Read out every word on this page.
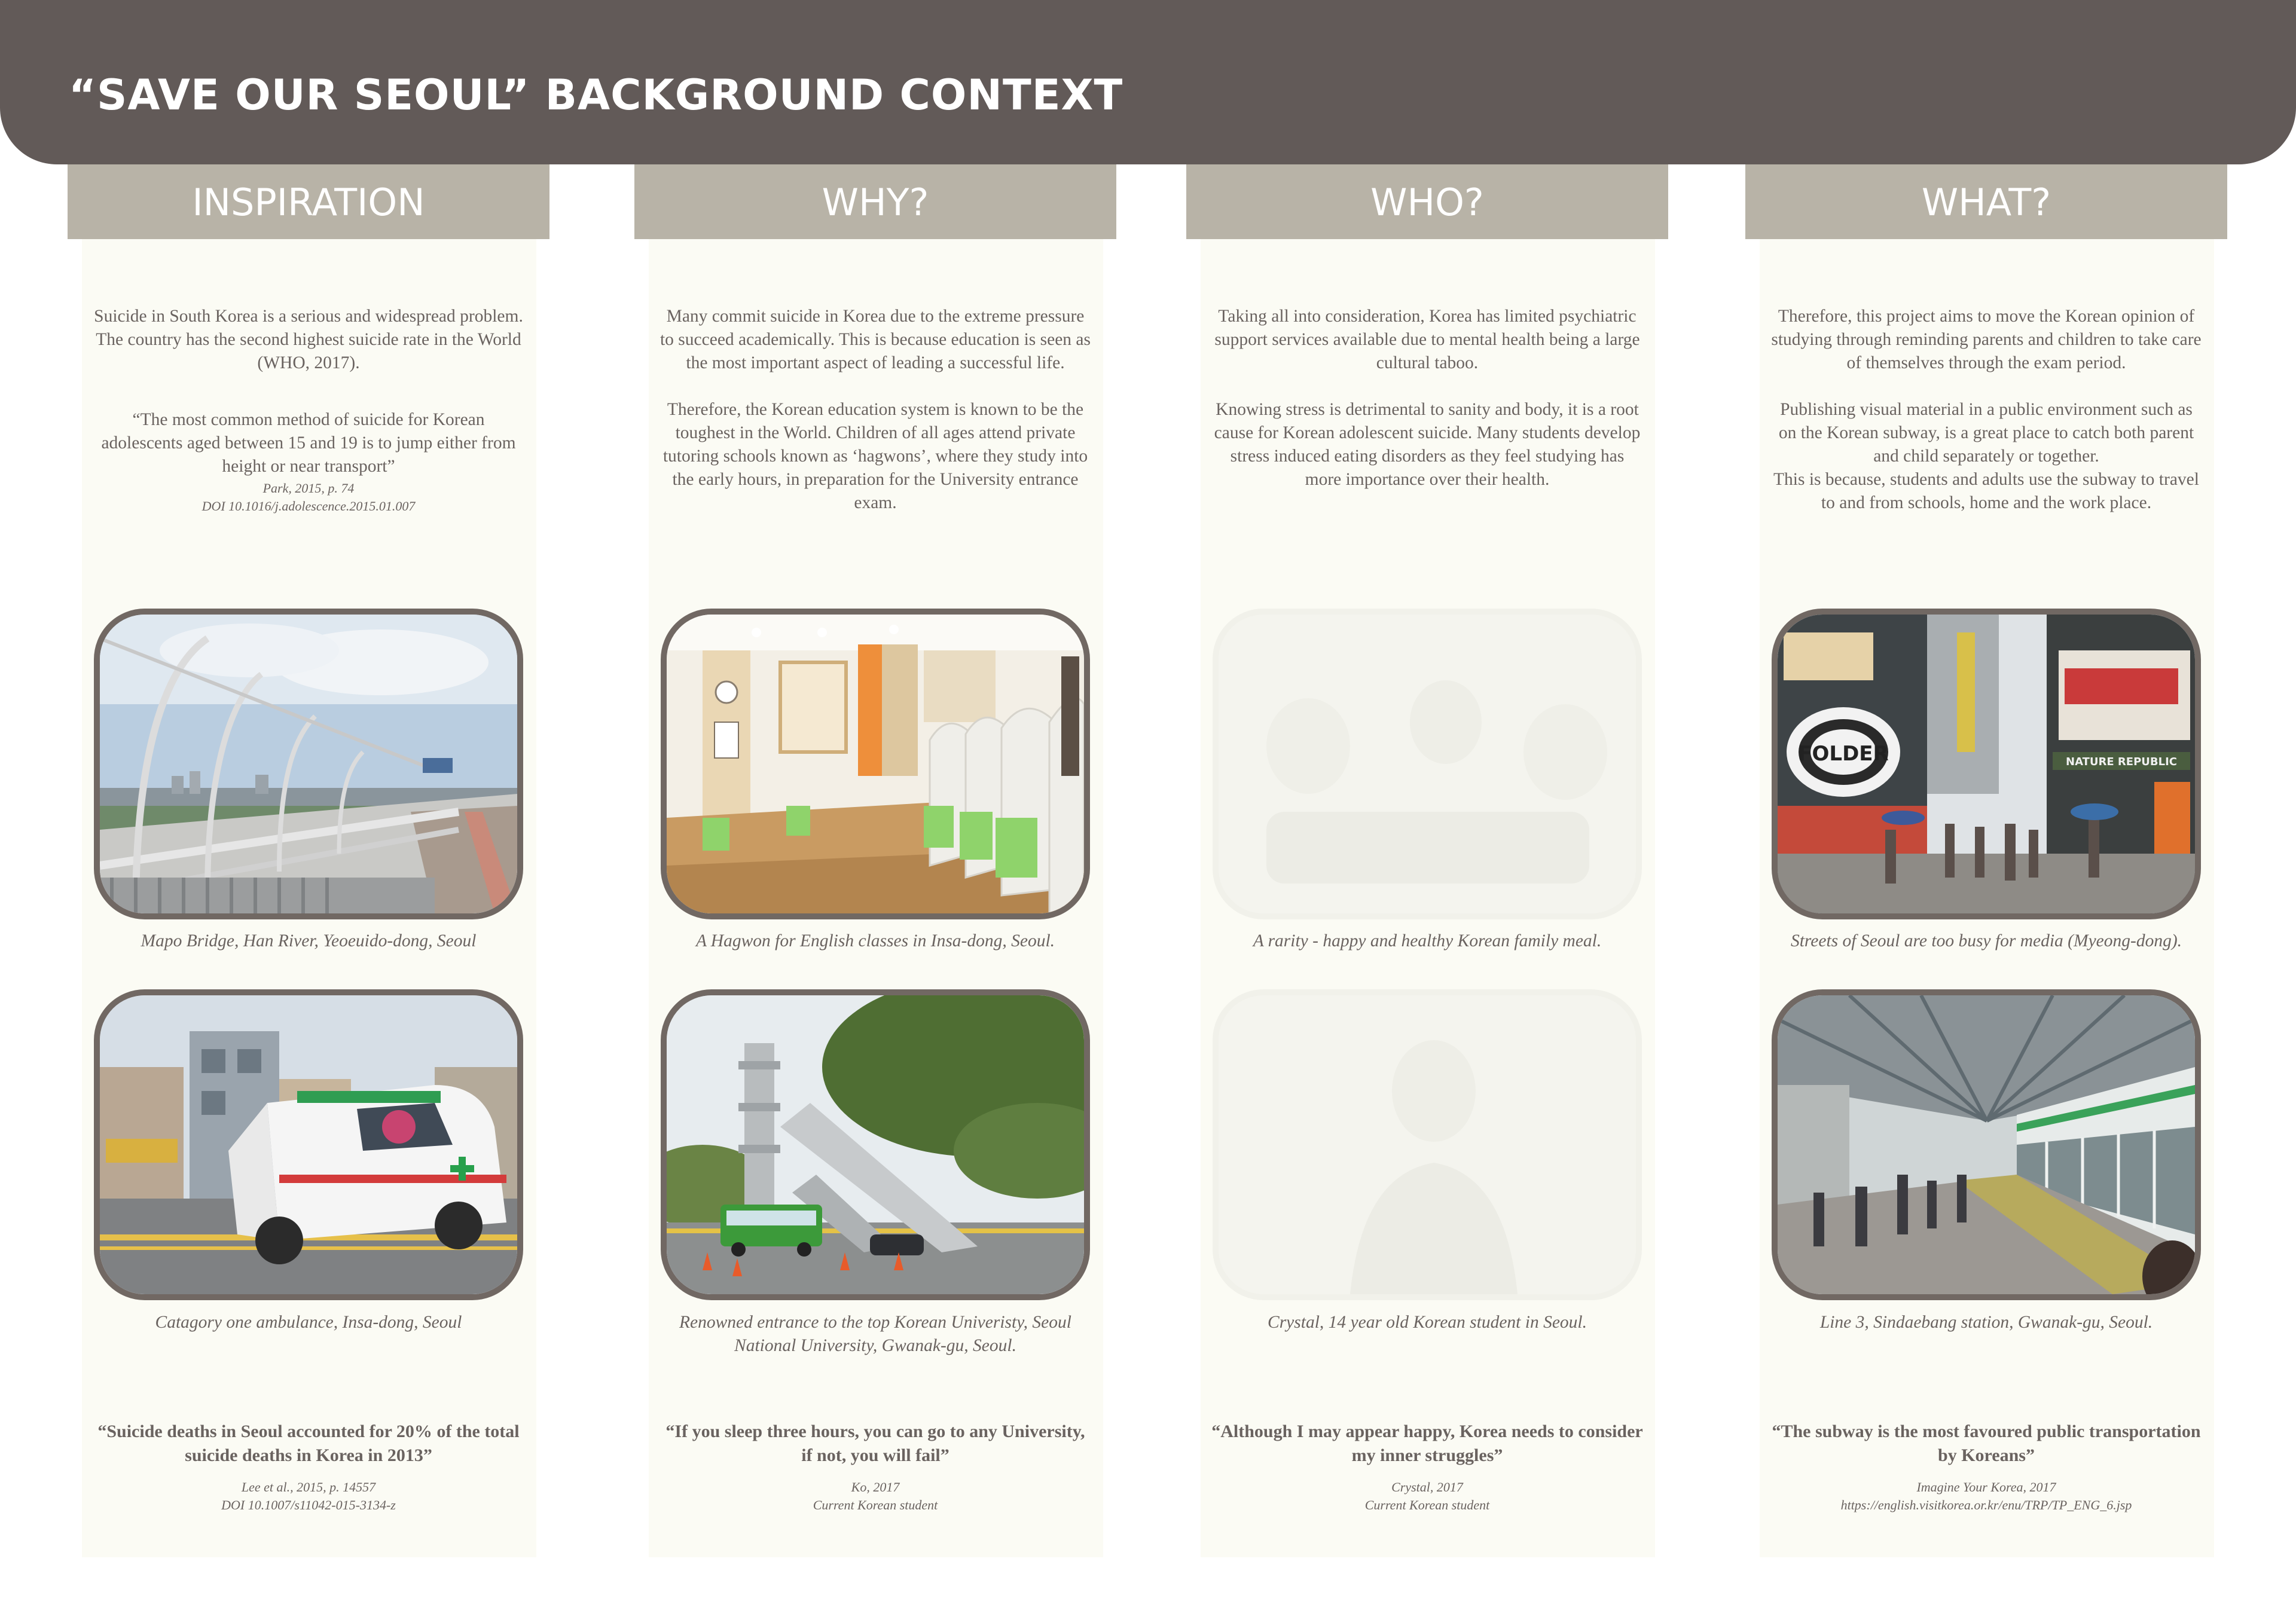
“SAVE OUR SEOUL” BACKGROUND CONTEXT
INSPIRATION

Suicide in South Korea is a serious and widespread problem. The country has the second highest suicide rate in the World (WHO, 2017).

“The most common method of suicide for Korean adolescents aged between 15 and 19 is to jump either from height or near transport”

Park, 2015, p. 74
DOI 10.1016/j.adolescence.2015.01.007
Mapo Bridge, Han River, Yeoeuido-dong, Seoul
Catagory one ambulance, Insa-dong, Seoul
“Suicide deaths in Seoul accounted for 20% of the total suicide deaths in Korea in 2013”
Lee et al., 2015, p. 14557
DOI 10.1007/s11042-015-3134-z
WHY?

Many commit suicide in Korea due to the extreme pressure to succeed academically. This is because education is seen as the most important aspect of leading a successful life.

Therefore, the Korean education system is known to be the toughest in the World. Children of all ages attend private tutoring schools known as ‘hagwons’, where they study into the early hours, in preparation for the University entrance exam.

A Hagwon for English classes in Insa-dong, Seoul.
Renowned entrance to the top Korean Univeristy, Seoul National University, Gwanak-gu, Seoul.
“If you sleep three hours, you can go to any University, if not, you will fail”
Ko, 2017
Current Korean student
WHO?

Taking all into consideration, Korea has limited psychiatric support services available due to mental health being a large cultural taboo.

Knowing stress is detrimental to sanity and body, it is a root cause for Korean adolescent suicide. Many students develop stress induced eating disorders as they feel studying has more importance over their health.

A rarity - happy and healthy Korean family meal.
Crystal, 14 year old Korean student in Seoul.
“Although I may appear happy, Korea needs to consider my inner struggles”
Crystal, 2017
Current Korean student
WHAT?

Therefore, this project aims to move the Korean opinion of studying through reminding parents and children to take care of themselves through the exam period.

Publishing visual material in a public environment such as on the Korean subway, is a great place to catch both parent and child separately or together.

This is because, students and adults use the subway to travel to and from schools, home and the work place.

FOLDER	NATURE REPUBLIC
Streets of Seoul are too busy for media (Myeong-dong).
Line 3, Sindaebang station, Gwanak-gu, Seoul.
“The subway is the most favoured public transportation by Koreans”
Imagine Your Korea, 2017
https://english.visitkorea.or.kr/enu/TRP/TP_ENG_6.jsp
